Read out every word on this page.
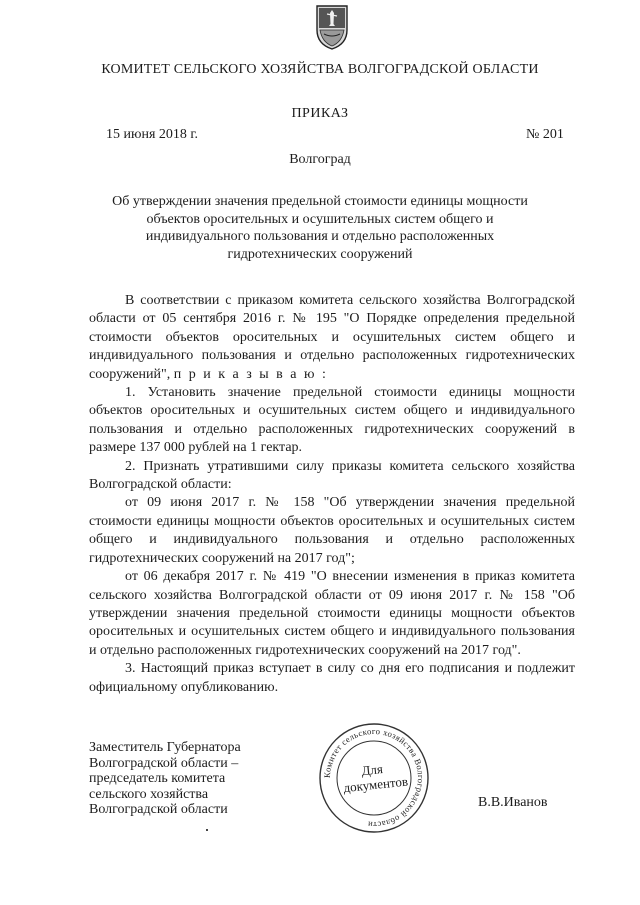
КОМИТЕТ СЕЛЬСКОГО ХОЗЯЙСТВА ВОЛГОГРАДСКОЙ ОБЛАСТИ
ПРИКАЗ
15 июня 2018 г.	№ 201
Волгоград
Об утверждении значения предельной стоимости единицы мощности
объектов оросительных и осушительных систем общего и
индивидуального пользования и отдельно расположенных
гидротехнических сооружений

В соответствии с приказом комитета сельского хозяйства Волгоградской области от 05 сентября 2016 г. № 195 "О Порядке определения предельной стоимости объектов оросительных и осушительных систем общего и индивидуального пользования и отдельно расположенных гидротехнических сооружений", п р и к а з ы в а ю :

1. Установить значение предельной стоимости единицы мощности объектов оросительных и осушительных систем общего и индивидуального пользования и отдельно расположенных гидротехнических сооружений в размере 137 000 рублей на 1 гектар.

2. Признать утратившими силу приказы комитета сельского хозяйства Волгоградской области:

от 09 июня 2017 г. № 158 "Об утверждении значения предельной стоимости единицы мощности объектов оросительных и осушительных систем общего и индивидуального пользования и отдельно расположенных гидротехнических сооружений на 2017 год";

от 06 декабря 2017 г. № 419 "О внесении изменения в приказ комитета сельского хозяйства Волгоградской области от 09 июня 2017 г. № 158 "Об утверждении значения предельной стоимости единицы мощности объектов оросительных и осушительных систем общего и индивидуального пользования и отдельно расположенных гидротехнических сооружений на 2017 год".

3. Настоящий приказ вступает в силу со дня его подписания и подлежит официальному опубликованию.

Заместитель Губернатора
Волгоградской области –
председатель комитета
сельского хозяйства
Волгоградской области
Комитет сельского хозяйства Волгоградской области
Для
документов
В.В.Иванов
